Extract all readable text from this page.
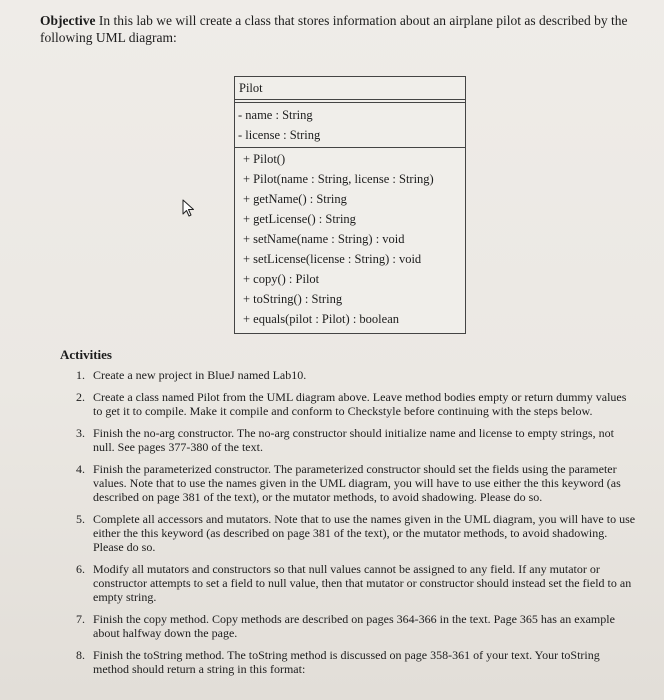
Objective In this lab we will create a class that stores information about an airplane pilot as described by the following UML diagram:
Pilot
- name : String
- license : String
+ Pilot()
+ Pilot(name : String, license : String)
+ getName() : String
+ getLicense() : String
+ setName(name : String) : void
+ setLicense(license : String) : void
+ copy() : Pilot
+ toString() : String
+ equals(pilot : Pilot) : boolean
Activities
1. Create a new project in BlueJ named Lab10.
2. Create a class named Pilot from the UML diagram above. Leave method bodies empty or return dummy values to get it to compile. Make it compile and conform to Checkstyle before continuing with the steps below.
3. Finish the no-arg constructor. The no-arg constructor should initialize name and license to empty strings, not null. See pages 377-380 of the text.
4. Finish the parameterized constructor. The parameterized constructor should set the fields using the parameter values. Note that to use the names given in the UML diagram, you will have to use either the this keyword (as described on page 381 of the text), or the mutator methods, to avoid shadowing. Please do so.
5. Complete all accessors and mutators. Note that to use the names given in the UML diagram, you will have to use either the this keyword (as described on page 381 of the text), or the mutator methods, to avoid shadowing. Please do so.
6. Modify all mutators and constructors so that null values cannot be assigned to any field. If any mutator or constructor attempts to set a field to null value, then that mutator or constructor should instead set the field to an empty string.
7. Finish the copy method. Copy methods are described on pages 364-366 in the text. Page 365 has an example about halfway down the page.
8. Finish the toString method. The toString method is discussed on page 358-361 of your text. Your toString method should return a string in this format:
